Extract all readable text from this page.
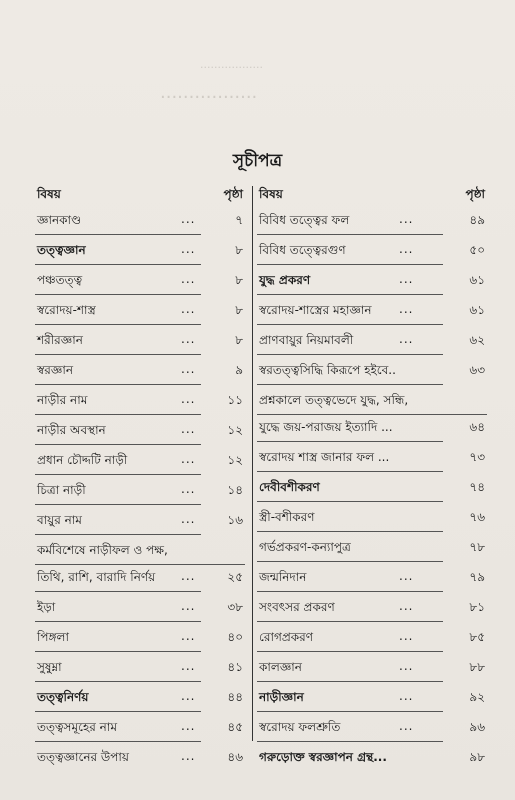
..................
.................
সূচীপত্র
বিষয়	পৃষ্ঠা
জ্ঞানকাণ্ড	...	৭
তত্ত্বজ্ঞান	...	৮
পঞ্চতত্ত্ব	...	৮
স্বরোদয়-শাস্ত্র	...	৮
শরীরজ্ঞান	...	৮
স্বরজ্ঞান	...	৯
নাড়ীর নাম	...	১১
নাড়ীর অবস্থান	...	১২
প্রধান চৌদ্দটি নাড়ী	...	১২
চিত্রা নাড়ী	...	১৪
বায়ুর নাম	...	১৬
কর্মবিশেষে নাড়ীফল ও পক্ষ,
তিথি, রাশি, বারাদি নির্ণয় ...	২৫
ইড়া	...	৩৮
পিঙ্গলা	...	৪০
সুষুম্না	...	৪১
তত্ত্বনির্ণয়	...	৪৪
তত্ত্বসমূহের নাম	...	৪৫
তত্ত্বজ্ঞানের উপায়	...	৪৬
বিষয়	পৃষ্ঠা
বিবিধ তত্ত্বের ফল	...	৪৯
বিবিধ তত্ত্বেরগুণ	...	৫০
যুদ্ধ প্রকরণ	...	৬১
স্বরোদয়-শাস্ত্রের মহাজ্ঞান ...	৬১
প্রাণবায়ুর নিয়মাবলী	...	৬২
স্বরতত্ত্বসিদ্ধি কিরূপে হইবে..	৬৩
প্রশ্নকালে তত্ত্বভেদে যুদ্ধ, সন্ধি,
যুদ্ধে জয়-পরাজয় ইত্যাদি ...	৬৪
স্বরোদয় শাস্ত্র জানার ফল ...	৭৩
দেবীবশীকরণ	৭৪
স্ত্রী-বশীকরণ	৭৬
গর্ভপ্রকরণ-কন্যাপুত্র	৭৮
জন্মনিদান	...	৭৯
সংবৎসর প্রকরণ	...	৮১
রোগপ্রকরণ	...	৮৫
কালজ্ঞান	...	৮৮
নাড়ীজ্ঞান	...	৯২
স্বরোদয় ফলশ্রুতি	...	৯৬
গরুড়োক্ত স্বরজ্ঞাপন গ্রন্থ...	৯৮
